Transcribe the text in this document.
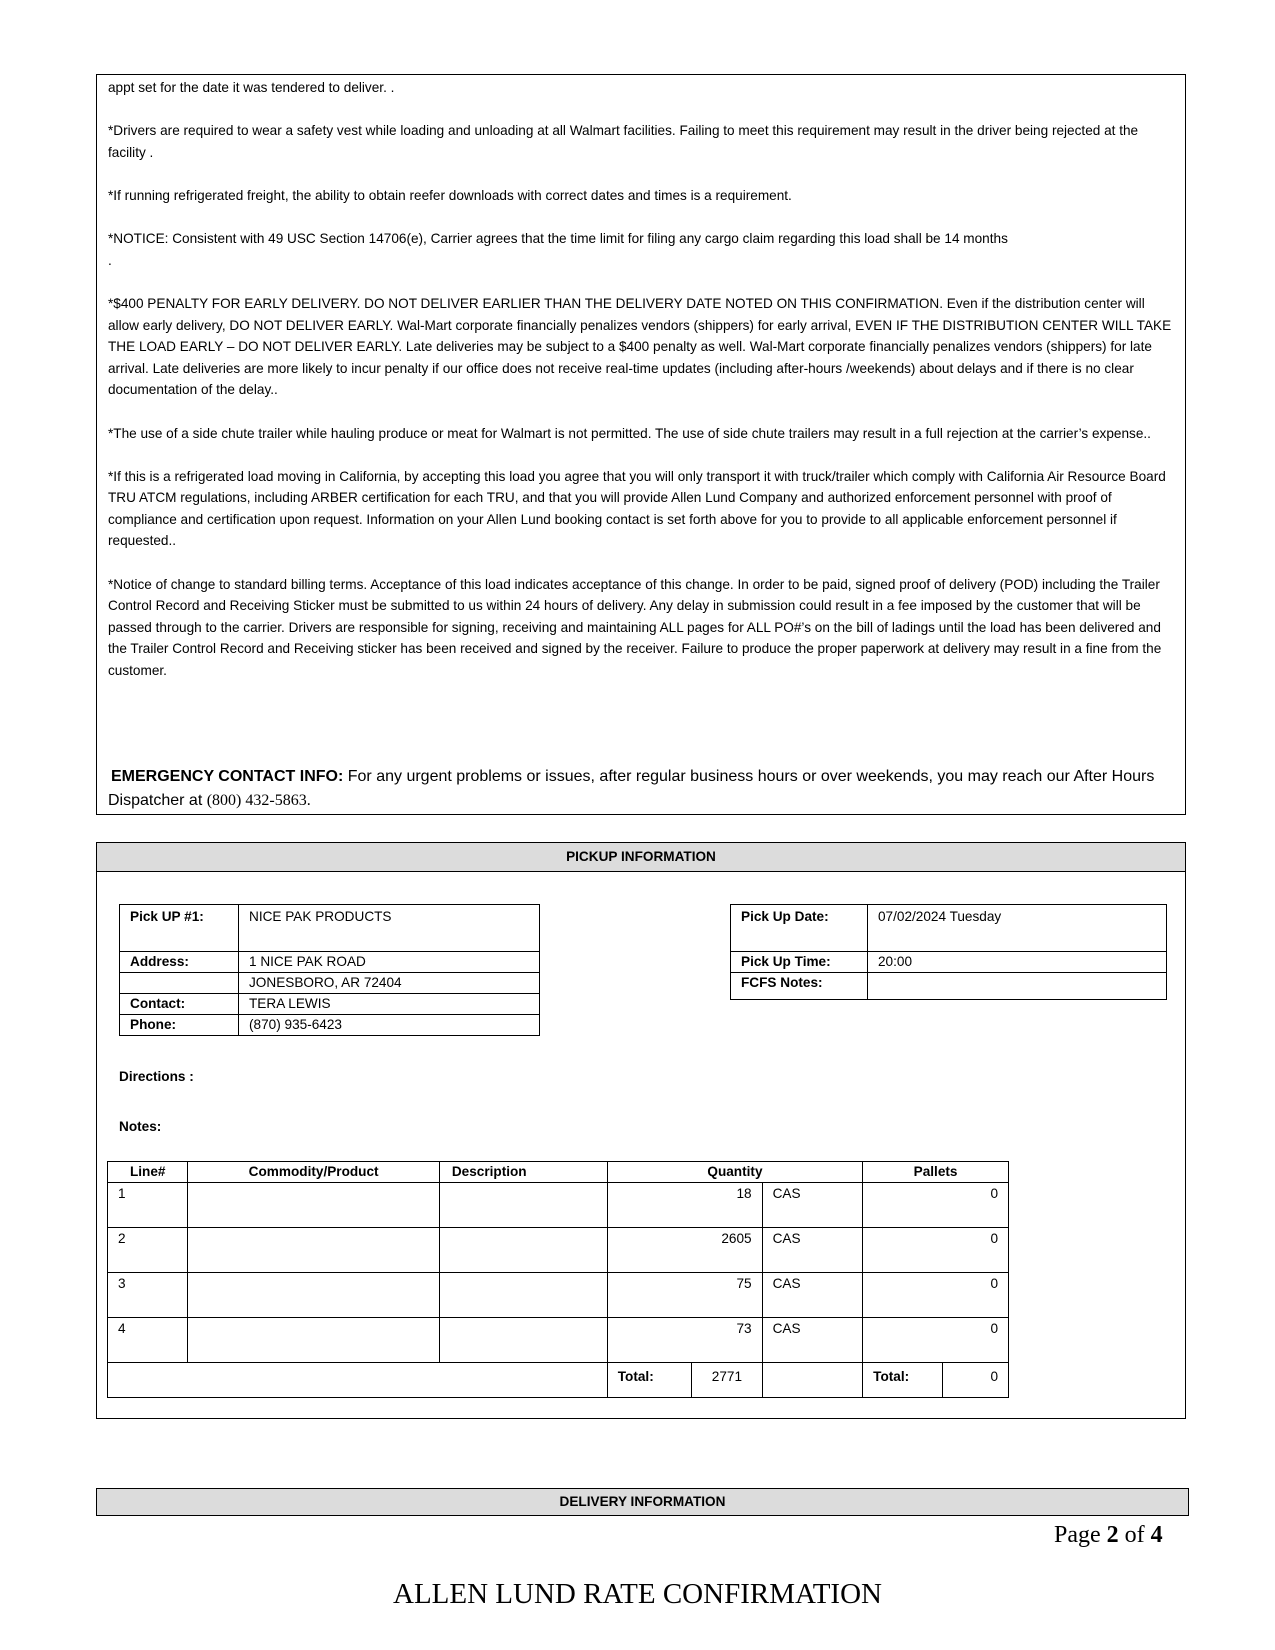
appt set for the date it was tendered to deliver. .

*Drivers are required to wear a safety vest while loading and unloading at all Walmart facilities. Failing to meet this requirement may result in the driver being rejected at the facility .

*If running refrigerated freight, the ability to obtain reefer downloads with correct dates and times is a requirement.

*NOTICE: Consistent with 49 USC Section 14706(e), Carrier agrees that the time limit for filing any cargo claim regarding this load shall be 14 months

.

*$400 PENALTY FOR EARLY DELIVERY. DO NOT DELIVER EARLIER THAN THE DELIVERY DATE NOTED ON THIS CONFIRMATION. Even if the distribution center will allow early delivery, DO NOT DELIVER EARLY. Wal-Mart corporate financially penalizes vendors (shippers) for early arrival, EVEN IF THE DISTRIBUTION CENTER WILL TAKE THE LOAD EARLY – DO NOT DELIVER EARLY. Late deliveries may be subject to a $400 penalty as well. Wal-Mart corporate financially penalizes vendors (shippers) for late arrival. Late deliveries are more likely to incur penalty if our office does not receive real-time updates (including after-hours /weekends) about delays and if there is no clear documentation of the delay..

*The use of a side chute trailer while hauling produce or meat for Walmart is not permitted. The use of side chute trailers may result in a full rejection at the carrier’s expense..

*If this is a refrigerated load moving in California, by accepting this load you agree that you will only transport it with truck/trailer which comply with California Air Resource Board TRU ATCM regulations, including ARBER certification for each TRU, and that you will provide Allen Lund Company and authorized enforcement personnel with proof of compliance and certification upon request. Information on your Allen Lund booking contact is set forth above for you to provide to all applicable enforcement personnel if requested..

*Notice of change to standard billing terms. Acceptance of this load indicates acceptance of this change. In order to be paid, signed proof of delivery (POD) including the Trailer Control Record and Receiving Sticker must be submitted to us within 24 hours of delivery. Any delay in submission could result in a fee imposed by the customer that will be passed through to the carrier. Drivers are responsible for signing, receiving and maintaining ALL pages for ALL PO#’s on the bill of ladings until the load has been delivered and the Trailer Control Record and Receiving sticker has been received and signed by the receiver. Failure to produce the proper paperwork at delivery may result in a fine from the customer.

EMERGENCY CONTACT INFO: For any urgent problems or issues, after regular business hours or over weekends, you may reach our After Hours Dispatcher at (800) 432-5863.
PICKUP INFORMATION
Pick UP #1:	NICE PAK PRODUCTS
Address:	1 NICE PAK ROAD
	JONESBORO, AR 72404
Contact:	TERA LEWIS
Phone:	(870) 935-6423
Pick Up Date:	07/02/2024 Tuesday
Pick Up Time:	20:00
FCFS Notes:	
Directions :
Notes:
Line#	Commodity/Product	Description	Quantity			Pallets	
1			18		CAS	0	
2			2605		CAS	0	
3			75		CAS	0	
4			73		CAS	0	
			Total:	2771		Total:	0
DELIVERY INFORMATION
Page 2 of 4
ALLEN LUND RATE CONFIRMATION
